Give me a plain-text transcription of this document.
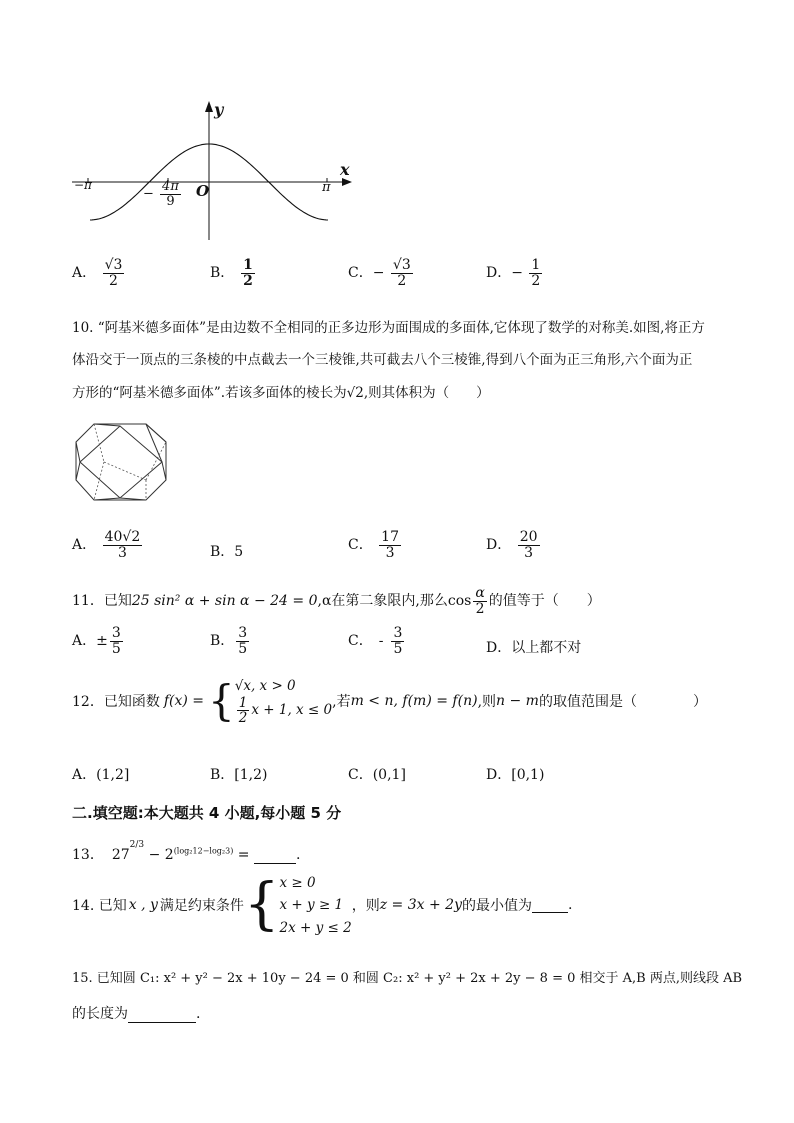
y
x
O
−π	π
− $\frac{4\pi}{9}$
A． $\frac{√3}{2}$	B． $\frac{1}{2}$	C．− $\frac{√3}{2}$	D．− $\frac{1}{2}$
10. “阿基米德多面体”是由边数不全相同的正多边形为面围成的多面体,它体现了数学的对称美.如图,将正方
体沿交于一顶点的三条棱的中点截去一个三棱锥,共可截去八个三棱锥,得到八个面为正三角形,六个面为正
方形的“阿基米德多面体”.若该多面体的棱长为√2,则其体积为（　　）
A． $\frac{40√2}{3}$	B．5	C． $\frac{17}{3}$	D． $\frac{20}{3}$
11．已知25 sin² α + sin α − 24 = 0,α在第二象限内,那么$\cos \frac{\alpha}{2}$ 的值等于（　　）
A．± $\frac{3}{5}$	B． $\frac{3}{5}$	C． - $\frac{3}{5}$	D．以上都不对
12．已知函数 f(x) = { √x, x > 0
$\frac{1}{2}$ x + 1, x ≤ 0
,若 m < n , f(m) = f(n) ,则 n − m 的取值范围是（　　　　）
A．(1,2]	B．[1,2)	C．(0,1]	D．[0,1)
二.填空题:本大题共 4 小题,每小题 5 分
13． $27^{2/3} - 2^{(log_212-log_23)}$ =	.
14. 已知 x , y 满足约束条件 { x ≥ 0
x + y ≥ 1
2x + y ≤ 2
，则 z = 3x + 2y 的最小值为	.
15. 已知圆 C₁: x² + y² − 2x + 10y − 24 = 0 和圆 C₂: x² + y² + 2x + 2y − 8 = 0 相交于 A,B 两点,则线段 AB
的长度为	.
